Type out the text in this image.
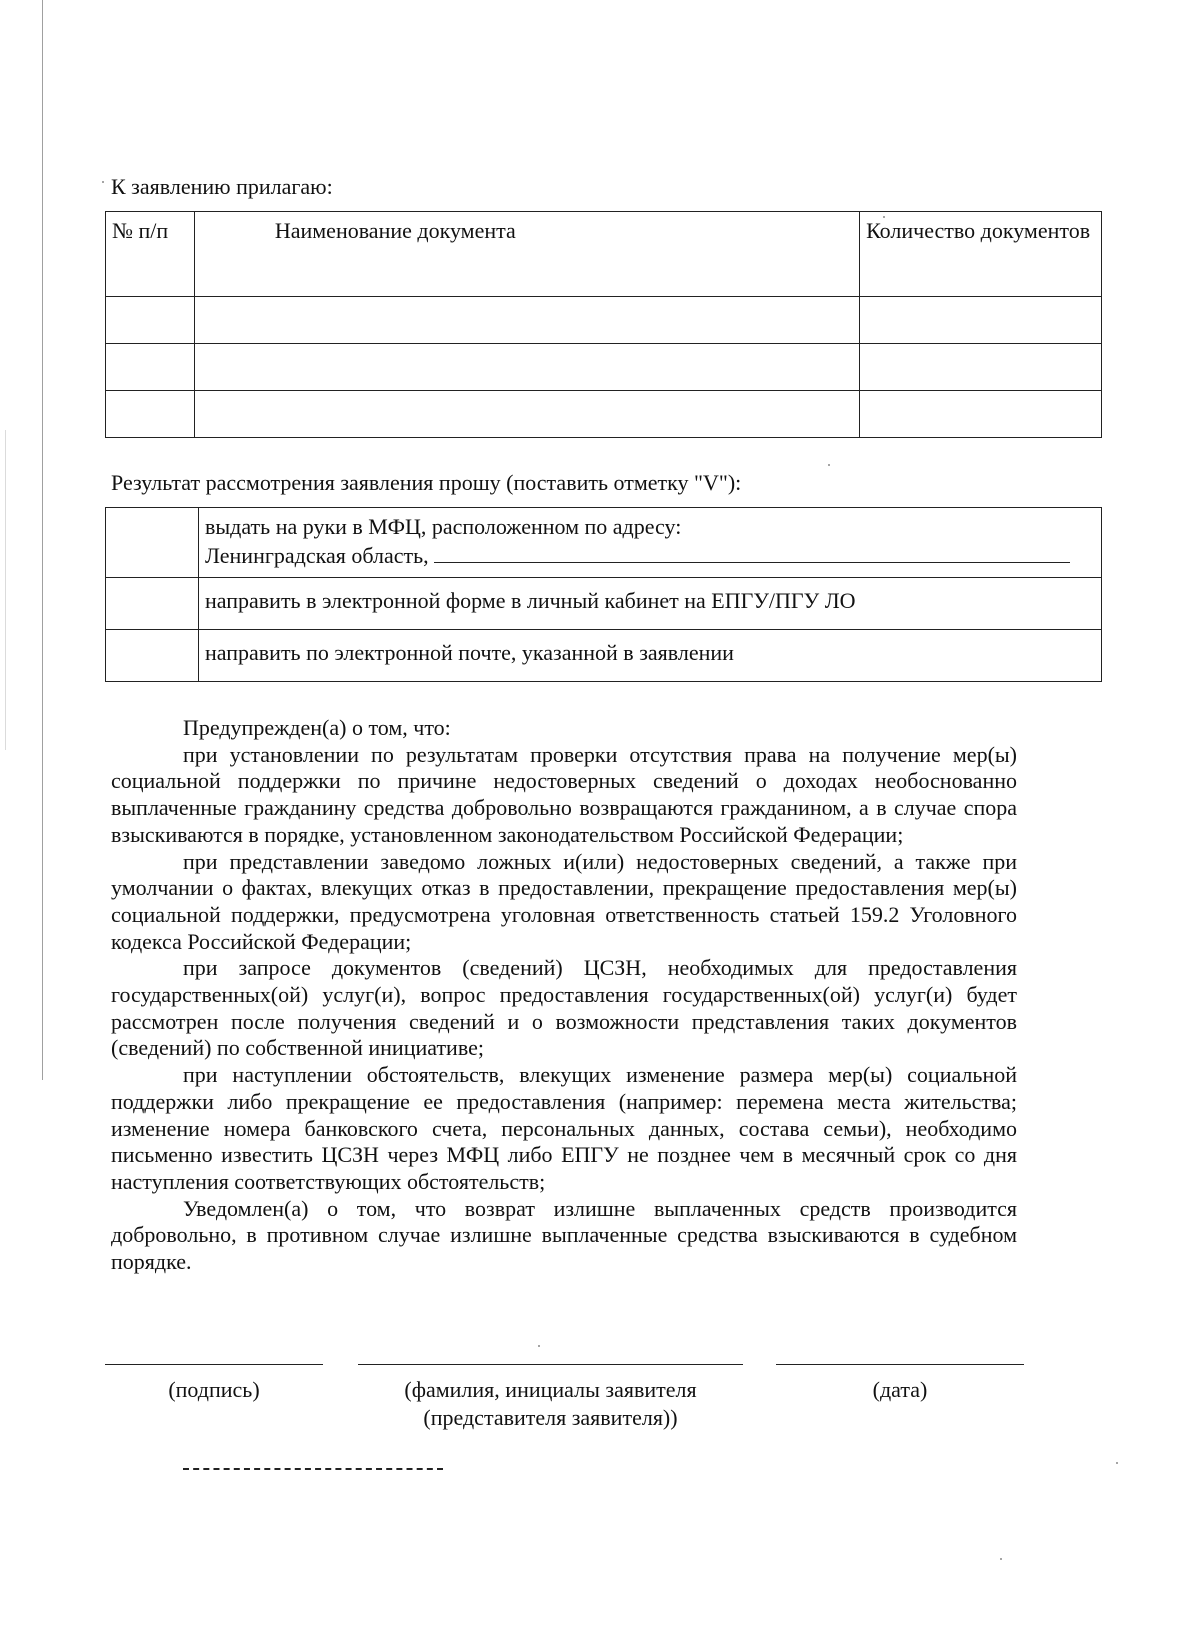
К заявлению прилагаю:
№ п/п	Наименование документа	Количество документов

Результат рассмотрения заявления прошу (поставить отметку "V"):

	выдать на руки в МФЦ, расположенном по адресу:
Ленинградская область,

	направить в электронной форме в личный кабинет на ЕПГУ/ПГУ ЛО
	направить по электронной почте, указанной в заявлении

Предупрежден(а) о том, что:

при установлении по результатам проверки отсутствия права на получение мер(ы) социальной поддержки по причине недостоверных сведений о доходах необоснованно выплаченные гражданину средства добровольно возвращаются гражданином, а в случае спора взыскиваются в порядке, установленном законодательством Российской Федерации;

при представлении заведомо ложных и(или) недостоверных сведений, а также при умолчании о фактах, влекущих отказ в предоставлении, прекращение предоставления мер(ы) социальной поддержки, предусмотрена уголовная ответственность статьей 159.2 Уголовного кодекса Российской Федерации;

при запросе документов (сведений) ЦСЗН, необходимых для предоставления государственных(ой) услуг(и), вопрос предоставления государственных(ой) услуг(и) будет рассмотрен после получения сведений и о возможности представления таких документов (сведений) по собственной инициативе;

при наступлении обстоятельств, влекущих изменение размера мер(ы) социальной поддержки либо прекращение ее предоставления (например: перемена места жительства; изменение номера банковского счета, персональных данных, состава семьи), необходимо письменно известить ЦСЗН через МФЦ либо ЕПГУ не позднее чем в месячный срок со дня наступления соответствующих обстоятельств;

Уведомлен(а) о том, что возврат излишне выплаченных средств производится добровольно, в противном случае излишне выплаченные средства взыскиваются в судебном порядке.

(подпись)	(фамилия, инициалы заявителя
(представителя заявителя))
(дата)
